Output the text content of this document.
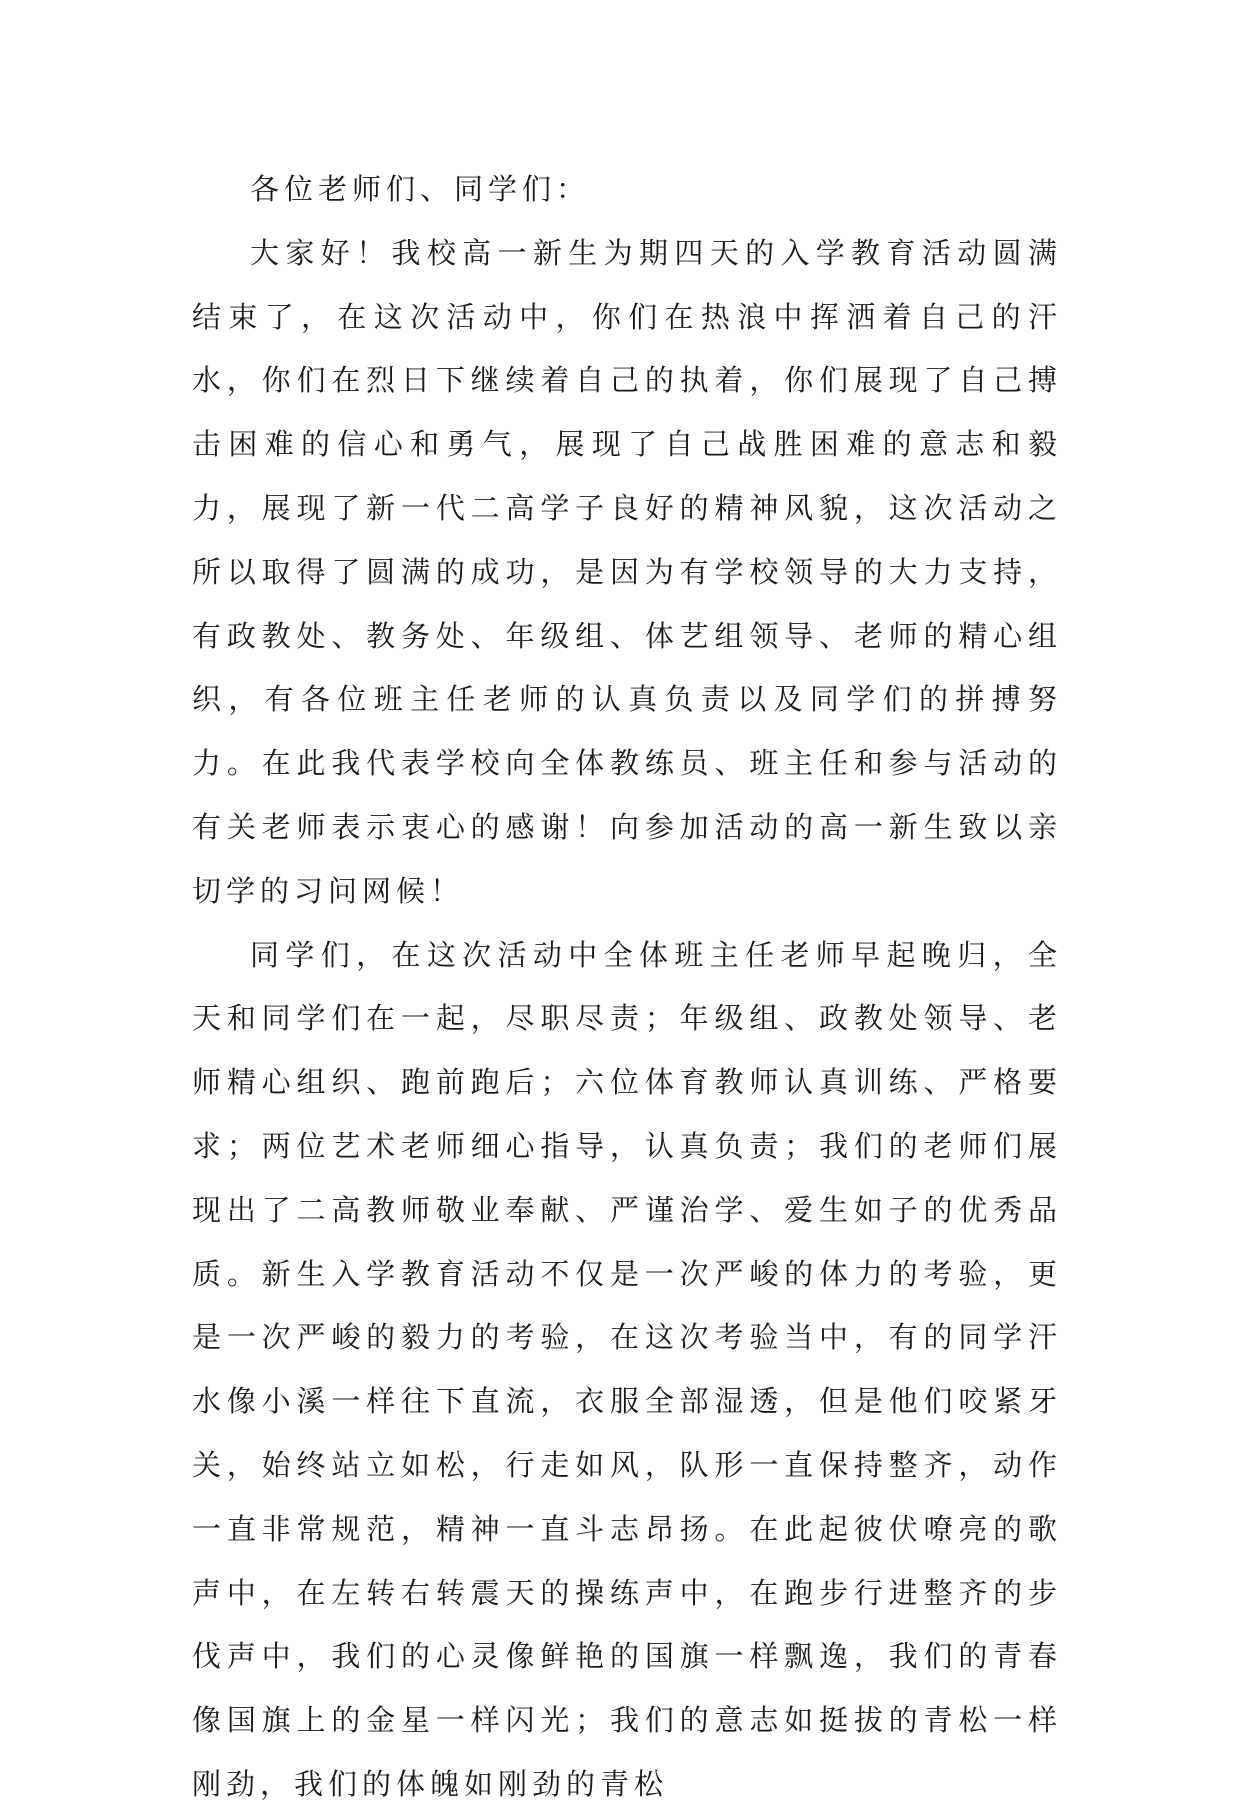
各位老师们、同学们：

大家好！我校高一新生为期四天的入学教育活动圆满结束了，在这次活动中，你们在热浪中挥洒着自己的汗水，你们在烈日下继续着自己的执着，你们展现了自己搏击困难的信心和勇气，展现了自己战胜困难的意志和毅力，展现了新一代二高学子良好的精神风貌，这次活动之所以取得了圆满的成功，是因为有学校领导的大力支持，有政教处、教务处、年级组、体艺组领导、老师的精心组织，有各位班主任老师的认真负责以及同学们的拼搏努力。在此我代表学校向全体教练员、班主任和参与活动的有关老师表示衷心的感谢！向参加活动的高一新生致以亲切学的习问网候！

同学们，在这次活动中全体班主任老师早起晚归，全天和同学们在一起，尽职尽责；年级组、政教处领导、老师精心组织、跑前跑后；六位体育教师认真训练、严格要求；两位艺术老师细心指导，认真负责；我们的老师们展现出了二高教师敬业奉献、严谨治学、爱生如子的优秀品质。新生入学教育活动不仅是一次严峻的体力的考验，更是一次严峻的毅力的考验，在这次考验当中，有的同学汗水像小溪一样往下直流，衣服全部湿透，但是他们咬紧牙关，始终站立如松，行走如风，队形一直保持整齐，动作一直非常规范，精神一直斗志昂扬。在此起彼伏嘹亮的歌声中，在左转右转震天的操练声中，在跑步行进整齐的步伐声中，我们的心灵像鲜艳的国旗一样飘逸，我们的青春像国旗上的金星一样闪光；我们的意志如挺拔的青松一样刚劲，我们的体魄如刚劲的青松
